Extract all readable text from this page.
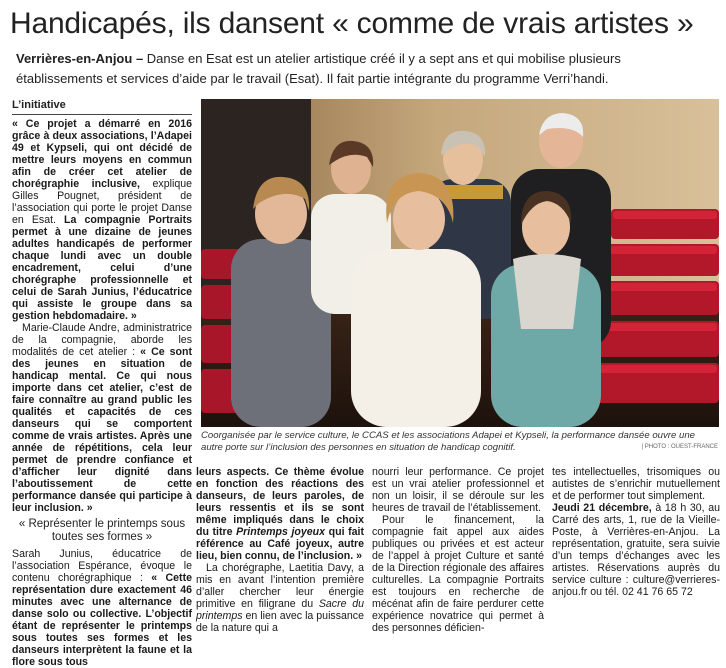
Handicapés, ils dansent « comme de vrais artistes »
Verrières-en-Anjou – Danse en Esat est un atelier artistique créé il y a sept ans et qui mobilise plusieurs
établissements et services d’aide par le travail (Esat). Il fait partie intégrante du programme Verri’handi.
L’initiative

« Ce projet a démarré en 2016 grâce à deux associations, l’Adapei 49 et Kypseli, qui ont décidé de mettre leurs moyens en commun afin de créer cet atelier de chorégraphie inclusive, explique Gilles Pougnet, président de l’association qui porte le projet Danse en Esat. La compagnie Portraits permet à une dizaine de jeunes adultes handicapés de performer chaque lundi avec un double encadrement, celui d’une chorégraphe professionnelle et celui de Sarah Junius, l’éducatrice qui assiste le groupe dans sa gestion hebdomadaire. »

Marie-Claude Andre, administratrice de la compagnie, aborde les modalités de cet atelier : « Ce sont des jeunes en situation de handicap mental. Ce qui nous importe dans cet atelier, c’est de faire connaître au grand public les qualités et capacités de ces danseurs qui se comportent comme de vrais artistes. Après une année de répétitions, cela leur permet de prendre confiance et d’afficher leur dignité dans l’aboutissement de cette performance dansée qui participe à leur inclusion. »

« Représenter le printemps sous toutes ses formes »

Sarah Junius, éducatrice de l’association Espérance, évoque le contenu chorégraphique : « Cette représentation dure exactement 46 minutes avec une alternance de danse solo ou collective. L’objectif étant de représenter le printemps sous toutes ses formes et les danseurs interprètent la faune et la flore sous tous

Coorganisée par le service culture, le CCAS et les associations Adapei et Kypseli, la performance dansée ouvre une autre porte sur l’inclusion des personnes en situation de handicap cognitif.	| PHOTO : OUEST-FRANCE

leurs aspects. Ce thème évolue en fonction des réactions des danseurs, de leurs paroles, de leurs ressentis et ils se sont même impliqués dans le choix du titre Printemps joyeux qui fait référence au Café joyeux, autre lieu, bien connu, de l’inclusion. »

La chorégraphe, Laetitia Davy, a mis en avant l’intention première d’aller chercher leur énergie primitive en filigrane du Sacre du printemps en lien avec la puissance de la nature qui a

nourri leur performance. Ce projet est un vrai atelier professionnel et non un loisir, il se déroule sur les heures de travail de l’établissement.

Pour le financement, la compagnie fait appel aux aides publiques ou privées et est acteur de l’appel à projet Culture et santé de la Direction régionale des affaires culturelles. La compagnie Portraits est toujours en recherche de mécénat afin de faire perdurer cette expérience novatrice qui permet à des personnes déficien-

tes intellectuelles, trisomiques ou autistes de s’enrichir mutuellement et de performer tout simplement.

Jeudi 21 décembre, à 18 h 30, au Carré des arts, 1, rue de la Vieille-Poste, à Verrières-en-Anjou. La représentation, gratuite, sera suivie d’un temps d’échanges avec les artistes. Réservations auprès du service culture : culture@verrieres-anjou.fr ou tél. 02 41 76 65 72
